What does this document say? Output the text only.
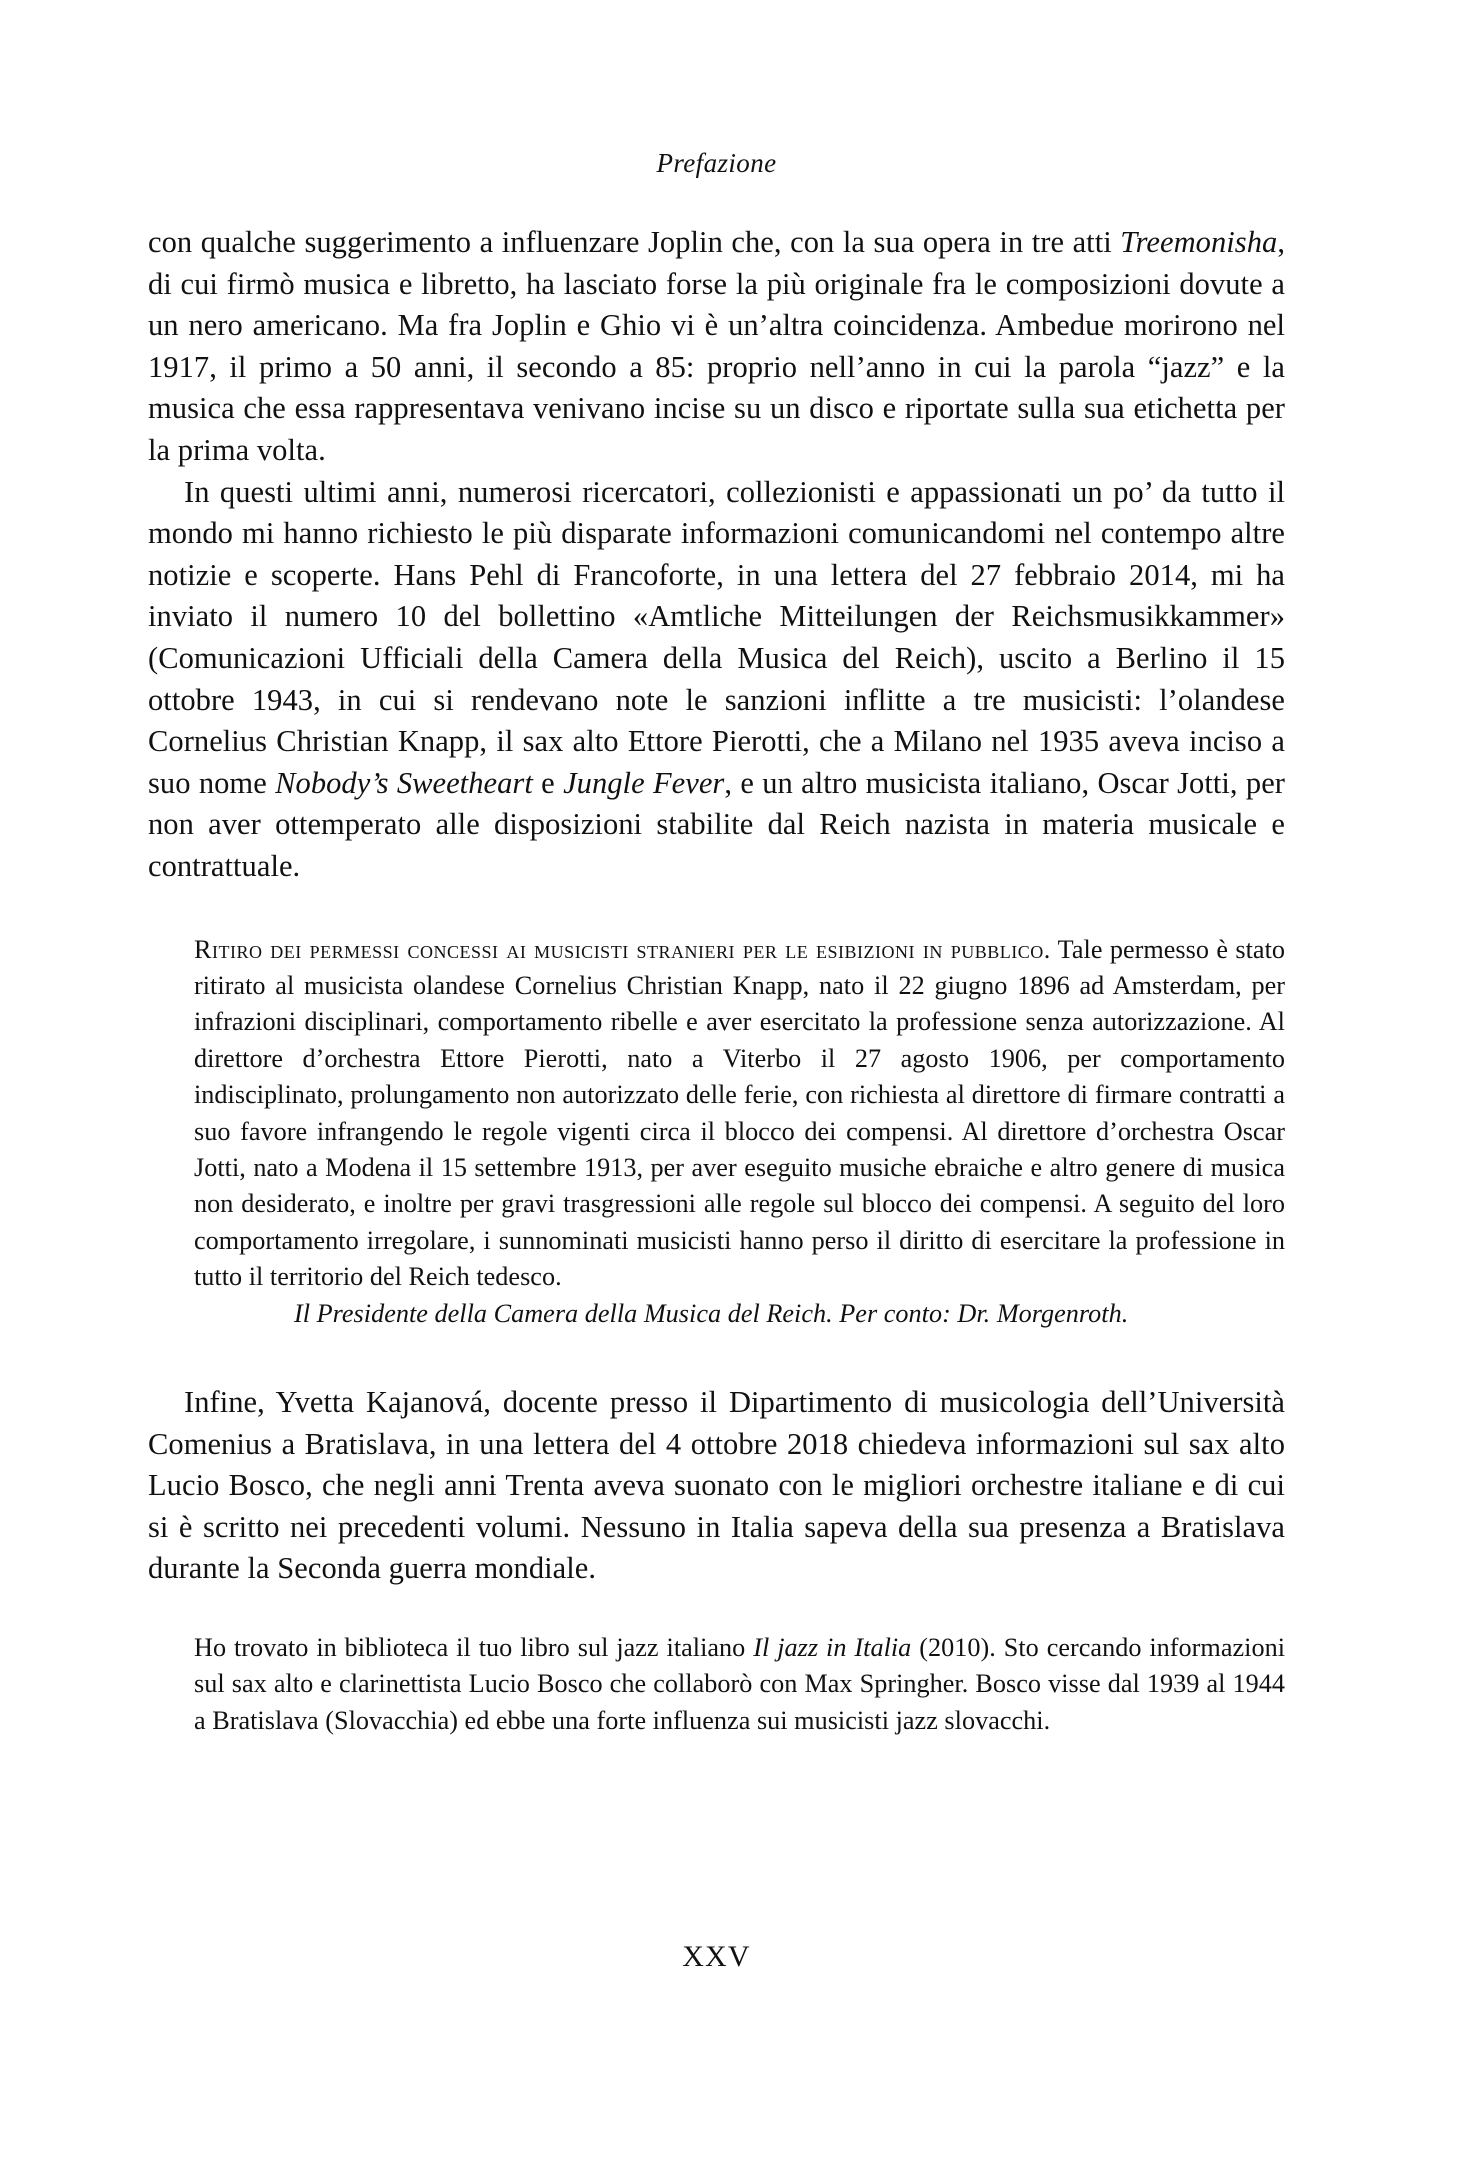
Prefazione

con qualche suggerimento a influenzare Joplin che, con la sua opera in tre atti Treemonisha, di cui firmò musica e libretto, ha lasciato forse la più originale fra le composizioni dovute a un nero americano. Ma fra Joplin e Ghio vi è un’altra coincidenza. Ambedue morirono nel 1917, il primo a 50 anni, il secondo a 85: proprio nell’anno in cui la parola “jazz” e la musica che essa rappresentava venivano incise su un disco e riportate sulla sua etichetta per la prima volta.

In questi ultimi anni, numerosi ricercatori, collezionisti e appassionati un po’ da tutto il mondo mi hanno richiesto le più disparate informazioni comunicandomi nel contempo altre notizie e scoperte. Hans Pehl di Francoforte, in una lettera del 27 febbraio 2014, mi ha inviato il numero 10 del bollettino «Amtliche Mitteilungen der Reichsmusikkammer» (Comunicazioni Ufficiali della Camera della Musica del Reich), uscito a Berlino il 15 ottobre 1943, in cui si rendevano note le sanzioni inflitte a tre musicisti: l’olandese Cornelius Christian Knapp, il sax alto Ettore Pierotti, che a Milano nel 1935 aveva inciso a suo nome Nobody’s Sweetheart e Jungle Fever, e un altro musicista italiano, Oscar Jotti, per non aver ottemperato alle disposizioni stabilite dal Reich nazista in materia musicale e contrattuale.

Ritiro dei permessi concessi ai musicisti stranieri per le esibizioni in pubblico. Tale permesso è stato ritirato al musicista olandese Cornelius Christian Knapp, nato il 22 giugno 1896 ad Amsterdam, per infrazioni disciplinari, comportamento ribelle e aver esercitato la professione senza autorizzazione. Al direttore d’orchestra Ettore Pierotti, nato a Viterbo il 27 agosto 1906, per comportamento indisciplinato, prolungamento non autorizzato delle ferie, con richiesta al direttore di firmare contratti a suo favore infrangendo le regole vigenti circa il blocco dei compensi. Al direttore d’orchestra Oscar Jotti, nato a Modena il 15 settembre 1913, per aver eseguito musiche ebraiche e altro genere di musica non desiderato, e inoltre per gravi trasgressioni alle regole sul blocco dei compensi. A seguito del loro comportamento irregolare, i sunnominati musicisti hanno perso il diritto di esercitare la professione in tutto il territorio del Reich tedesco.
Il Presidente della Camera della Musica del Reich. Per conto: Dr. Morgenroth.

Infine, Yvetta Kajanová, docente presso il Dipartimento di musicologia dell’Università Comenius a Bratislava, in una lettera del 4 ottobre 2018 chiedeva informazioni sul sax alto Lucio Bosco, che negli anni Trenta aveva suonato con le migliori orchestre italiane e di cui si è scritto nei precedenti volumi. Nessuno in Italia sapeva della sua presenza a Bratislava durante la Seconda guerra mondiale.

Ho trovato in biblioteca il tuo libro sul jazz italiano Il jazz in Italia (2010). Sto cercando informazioni sul sax alto e clarinettista Lucio Bosco che collaborò con Max Springher. Bosco visse dal 1939 al 1944 a Bratislava (Slovacchia) ed ebbe una forte influenza sui musicisti jazz slovacchi.
XXV
